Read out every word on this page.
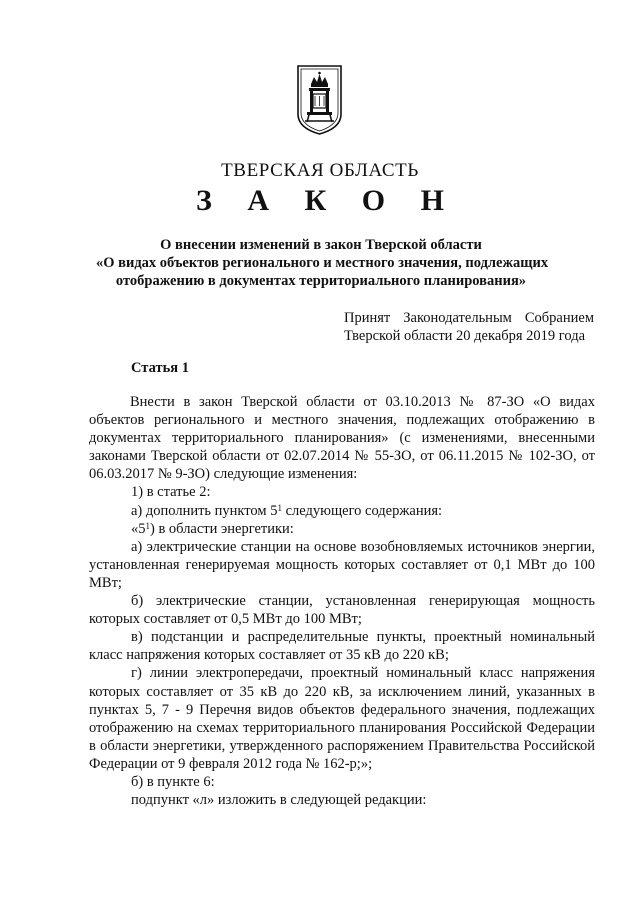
ТВЕРСКАЯ ОБЛАСТЬ
З А К О Н
О внесении изменений в закон Тверской области
«О видах объектов регионального и местного значения, подлежащих
отображению в документах территориального планирования»
Принят Законодательным Собранием
Тверской области 20 декабря 2019 года
Статья 1
Внести в закон Тверской области от 03.10.2013 № 87-ЗО «О видах объектов регионального и местного значения, подлежащих отображению в документах территориального планирования» (с изменениями, внесенными законами Тверской области от 02.07.2014 № 55-ЗО, от 06.11.2015 № 102-ЗО, от 06.03.2017 № 9-ЗО) следующие изменения:
1) в статье 2:
а) дополнить пунктом $5^1$ следующего содержания:
«$5^1$) в области энергетики:
а) электрические станции на основе возобновляемых источников энергии, установленная генерируемая мощность которых составляет от 0,1 МВт до 100 МВт;
б) электрические станции, установленная генерирующая мощность которых составляет от 0,5 МВт до 100 МВт;
в) подстанции и распределительные пункты, проектный номинальный класс напряжения которых составляет от 35 кВ до 220 кВ;
г) линии электропередачи, проектный номинальный класс напряжения которых составляет от 35 кВ до 220 кВ, за исключением линий, указанных в пунктах 5, 7 - 9 Перечня видов объектов федерального значения, подлежащих отображению на схемах территориального планирования Российской Федерации в области энергетики, утвержденного распоряжением Правительства Российской Федерации от 9 февраля 2012 года № 162-р;»;
б) в пункте 6:
подпункт «л» изложить в следующей редакции:
